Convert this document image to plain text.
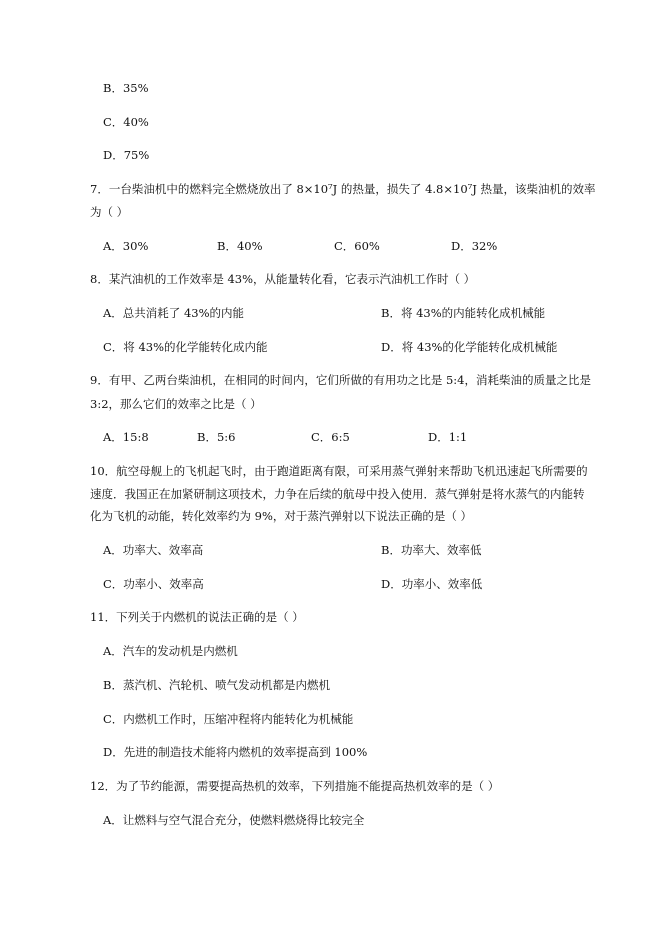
B．35%
C．40%
D．75%
7．一台柴油机中的燃料完全燃烧放出了 8×10⁷J 的热量，损失了 4.8×10⁷J 热量，该柴油机的效率
为（ ）
A．30%	B．40%	C．60%	D．32%
8．某汽油机的工作效率是 43%，从能量转化看，它表示汽油机工作时（ ）
A．总共消耗了 43%的内能	B．将 43%的内能转化成机械能
C．将 43%的化学能转化成内能	D．将 43%的化学能转化成机械能
9．有甲、乙两台柴油机，在相同的时间内，它们所做的有用功之比是 5:4，消耗柴油的质量之比是
3:2，那么它们的效率之比是（ ）
A．15:8	B．5:6	C．6:5	D．1:1
10．航空母舰上的飞机起飞时，由于跑道距离有限，可采用蒸气弹射来帮助飞机迅速起飞所需要的
速度．我国正在加紧研制这项技术，力争在后续的航母中投入使用．蒸气弹射是将水蒸气的内能转
化为飞机的动能，转化效率约为 9%，对于蒸汽弹射以下说法正确的是（ ）
A．功率大、效率高	B．功率大、效率低
C．功率小、效率高	D．功率小、效率低
11．下列关于内燃机的说法正确的是（ ）
A．汽车的发动机是内燃机
B．蒸汽机、汽轮机、喷气发动机都是内燃机
C．内燃机工作时，压缩冲程将内能转化为机械能
D．先进的制造技术能将内燃机的效率提高到 100%
12．为了节约能源，需要提高热机的效率，下列措施不能提高热机效率的是（ ）
A．让燃料与空气混合充分，使燃料燃烧得比较完全
